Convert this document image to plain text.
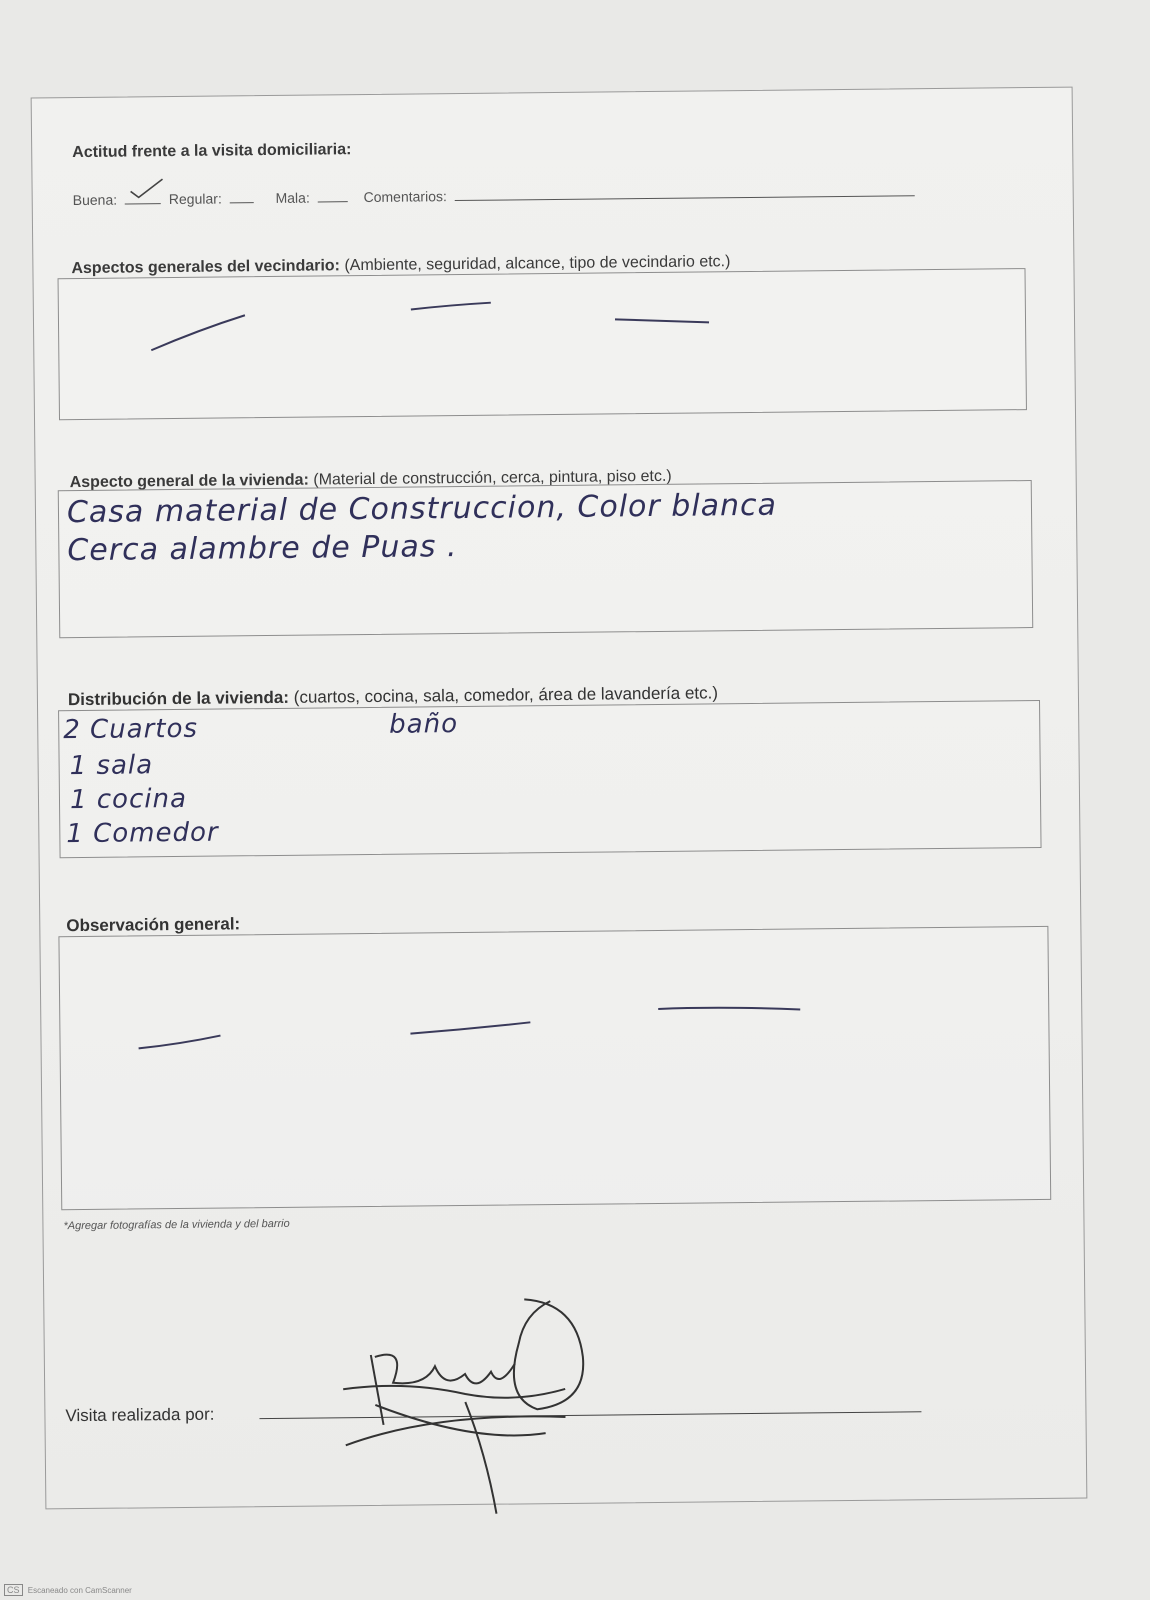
Actitud frente a la visita domiciliaria:
Buena:	Regular:	Mala:	Comentarios:
Aspectos generales del vecindario: (Ambiente, seguridad, alcance, tipo de vecindario etc.)
Aspecto general de la vivienda: (Material de construcción, cerca, pintura, piso etc.)
Casa material de Construccion, Color blanca
Cerca alambre de Puas .
Distribución de la vivienda: (cuartos, cocina, sala, comedor, área de lavandería etc.)
2 Cuartos
1 sala
1 cocina
1 Comedor
baño
Observación general:
*Agregar fotografías de la vivienda y del barrio
Visita realizada por:
CS Escaneado con CamScanner
